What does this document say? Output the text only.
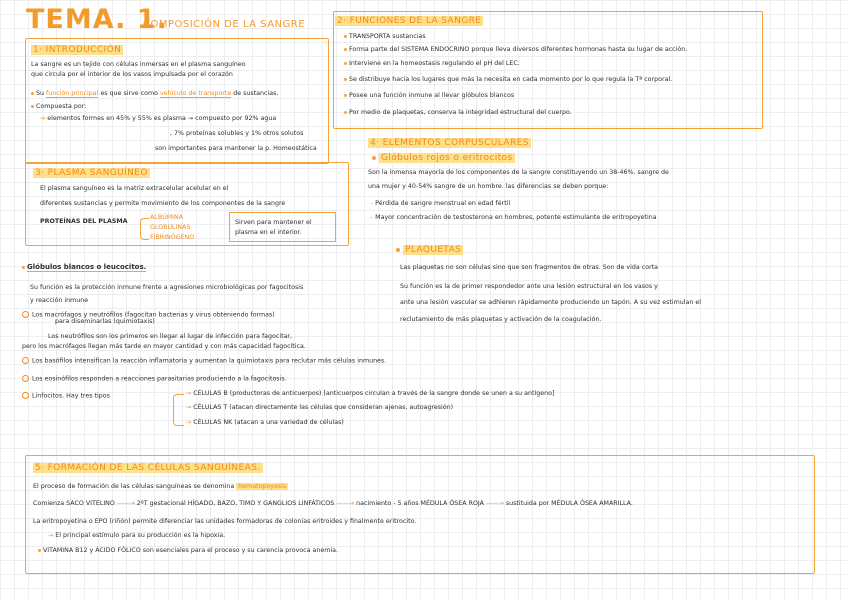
TEMA. 1.
COMPOSICIÓN DE LA SANGRE
1· INTRODUCCIÓN
La sangre es un tejido con células inmersas en el plasma sanguíneo
que circula por el interior de los vasos impulsada por el corazón
Su función principal es que sirve como vehículo de transporte de sustancias.
Compuesta por:
→ elementos formes en 45% y 55% es plasma → compuesto por 92% agua
, 7% proteínas solubles y 1% otros solutos
son importantes para mantener la p. Homeostática
2· FUNCIONES DE LA SANGRE
TRANSPORTA sustancias
Forma parte del SISTEMA ENDOCRINO porque lleva diversos diferentes hormonas hasta su lugar de acción.
Interviene en la homeostasis regulando el pH del LEC.
Se distribuye hacia los lugares que más la necesita en cada momento por lo que regula la Tª corporal.
Posee una función inmune al llevar glóbulos blancos
Por medio de plaquetas, conserva la integridad estructural del cuerpo.
3· PLASMA SANGUÍNEO
El plasma sanguíneo es la matriz extracelular acelular en el
diferentes sustancias y permite movimiento de los componentes de la sangre
PROTEÍNAS DEL PLASMA
ALBÚMINA
GLOBULINAS
FIBRINÓGENO
Sirven para mantener el plasma en el interior.
4· ELEMENTOS CORPUSCULARES
Glóbulos rojos o eritrocitos
Son la inmensa mayoría de los componentes de la sangre constituyendo un 38-46%. sangre de
una mujer y 40-54% sangre de un hombre. las diferencias se deben porque:
– Pérdida de sangre menstrual en edad fértil
– Mayor concentración de testosterona en hombres, potente estimulante de eritropoyetina
PLAQUETAS
Las plaquetas no son células sino que son fragmentos de otras. Son de vida corta
Su función es la de primer respondedor ante una lesión estructural en los vasos y
ante una lesión vascular se adhieren rápidamente produciendo un tapón. A su vez estimulan el
reclutamiento de más plaquetas y activación de la coagulación.
Glóbulos blancos o leucocitos.
Su función es la protección inmune frente a agresiones microbiológicas por fagocitosis
y reacción inmune
Los macrófagos y neutrófilos (fagocitan bacterias y virus obteniendo formas)
para diseminarlas (quimiotaxis)
Los neutrófilos son los primeros en llegar al lugar de infección para fagocitar,
pero los macrófagos llegan más tarde en mayor cantidad y con más capacidad fagocítica.
Los basófilos intensifican la reacción inflamatoria y aumentan la quimiotaxis para reclutar más células inmunes.
Los eosinófilos responden a reacciones parasitarias produciendo a la fagocitosis.
Linfocitos. Hay tres tipos	→ CÉLULAS B (productoras de anticuerpos) [anticuerpos circulan a través de la sangre donde se unen a su antígeno]
→ CÉLULAS T (atacan directamente las células que consideran ajenas, autoagresión)
→ CÉLULAS NK (atacan a una variedad de células)
5· FORMACIÓN DE LAS CÉLULAS SANGUÍNEAS.
El proceso de formación de las células sanguíneas se denomina hematopoyesis
Comienza SACO VITELINO ——→ 2ºT gestacional HÍGADO, BAZO, TIMO Y GANGLIOS LINFÁTICOS ——→ nacimiento - 5 años MÉDULA ÓSEA ROJA ——→ sustituida por MÉDULA ÓSEA AMARILLA.
La eritropoyetina o EPO (riñón) permite diferenciar las unidades formadoras de colonias eritroides y finalmente eritrocito.
→ El principal estímulo para su producción es la hipoxia.
VITAMINA B12 y ÁCIDO FÓLICO son esenciales para el proceso y su carencia provoca anemia.
